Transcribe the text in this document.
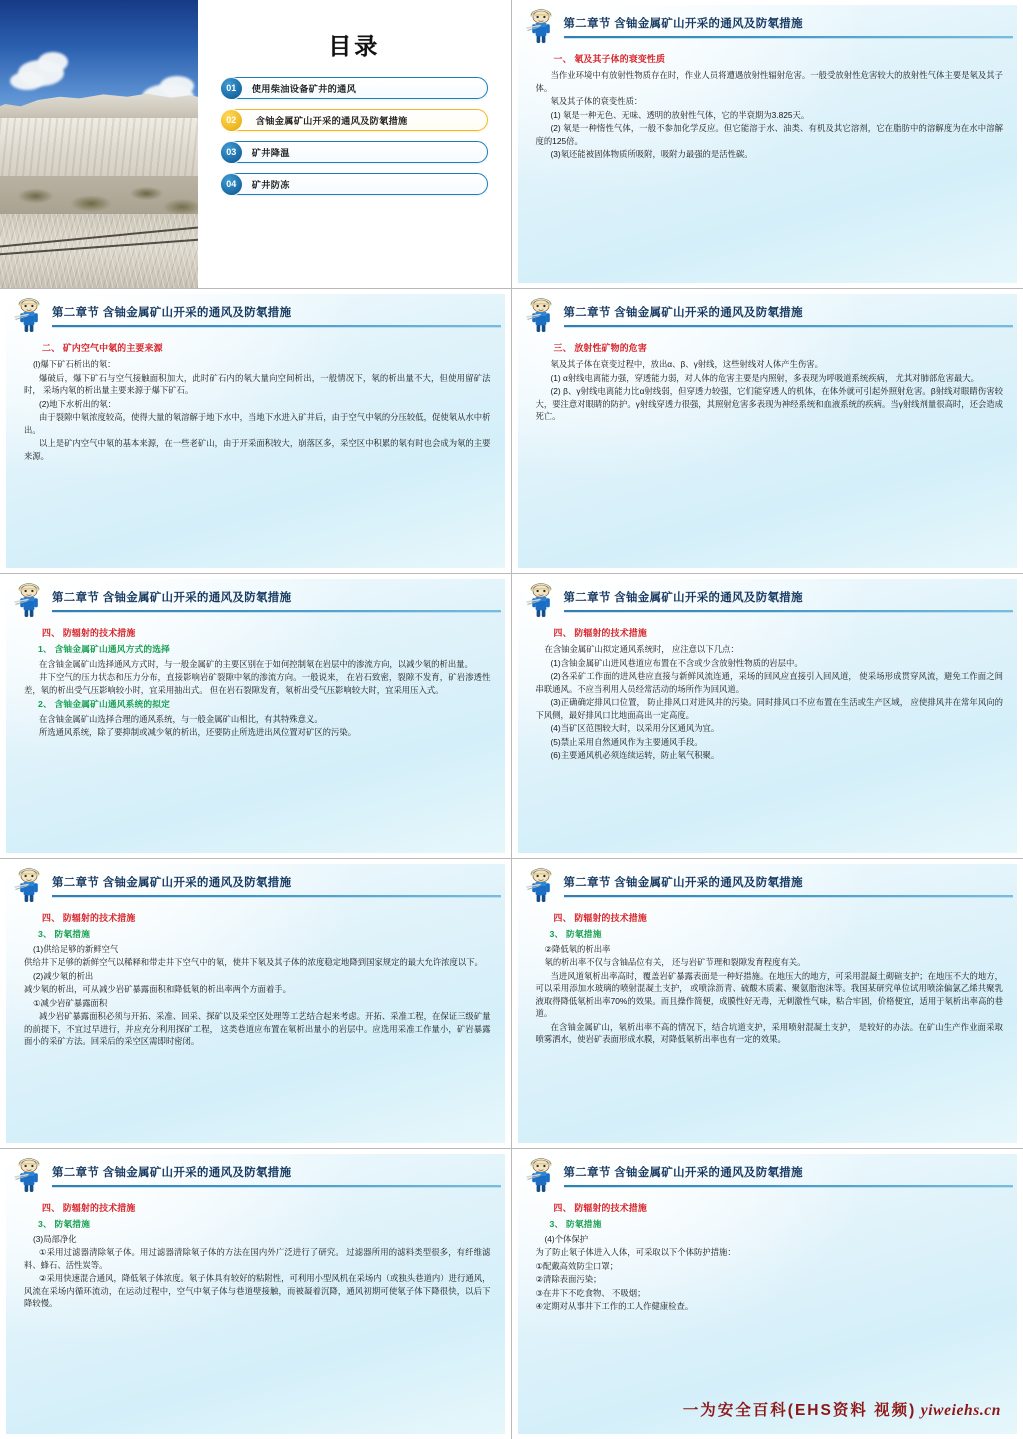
目录
01	使用柴油设备矿井的通风
02	含铀金属矿山开采的通风及防氡措施
03	矿井降温
04	矿井防冻
第二章节 含铀金属矿山开采的通风及防氡措施
一、 氡及其子体的衰变性质

当作业环境中有放射性物质存在时，作业人员将遭遇放射性辐射危害。一般受放射性危害较大的放射性气体主要是氡及其子体。

氡及其子体的衰变性质：

(1) 氡是一种无色、无味、透明的放射性气体，它的半衰期为3.825天。

(2) 氡是一种惰性气体，一般不参加化学反应。但它能溶于水、油类、有机及其它溶剂，它在脂肪中的溶解度为在水中溶解度的125倍。

(3)氡还能被固体物质所吸附，吸附力最强的是活性碳。

第二章节 含铀金属矿山开采的通风及防氡措施
二、 矿内空气中氡的主要来源

(l)爆下矿石析出的氡：

爆破后，爆下矿石与空气接触面积加大，此时矿石内的氡大量向空间析出，一般情况下，氡的析出量不大，但使用留矿法时， 采场内氡的析出量主要来源于爆下矿石。

(2)地下水析出的氡：

由于裂隙中氡浓度较高，使得大量的氡溶解于地下水中，当地下水进入矿井后，由于空气中氡的分压较低，促使氡从水中析出。

以上是矿内空气中氡的基本来源，在一些老矿山，由于开采面积较大，崩落区多，采空区中积累的氡有时也会成为氡的主要来源。

第二章节 含铀金属矿山开采的通风及防氡措施
三、 放射性矿物的危害

氡及其子体在衰变过程中，放出α、β、γ射线，这些射线对人体产生伤害。

(1) α射线电离能力强，穿透能力弱，对人体的危害主要是内照射，多表现为呼吸道系统疾病， 尤其对肺部危害最大。

(2) β、γ射线电离能力比α射线弱，但穿透力较强，它们能穿透人的机体，在体外就可引起外照射危害。β射线对眼睛伤害较大，要注意对眼睛的防护。γ射线穿透力很强，其照射危害多表现为神经系统和血液系统的疾病。当γ射线剂量很高时，还会造成死亡。

第二章节 含铀金属矿山开采的通风及防氡措施
四、 防辐射的技术措施
1、 含铀金属矿山通风方式的选择

在含铀金属矿山选择通风方式时，与一般金属矿的主要区别在于如何控制氡在岩层中的渗流方向，以减少氡的析出量。

井下空气的压力状态和压力分布，直接影响岩矿裂隙中氡的渗流方向。一般说来， 在岩石致密，裂隙不发育，矿岩渗透性差，氡的析出受气压影响较小时，宜采用抽出式。 但在岩石裂隙发育，氡析出受气压影响较大时，宜采用压入式。

2、 含铀金属矿山通风系统的拟定

在含铀金属矿山选择合理的通风系统，与一般金属矿山相比，有其特殊意义。

所选通风系统，除了要抑制或减少氡的析出，还要防止所选进出风位置对矿区的污染。

第二章节 含铀金属矿山开采的通风及防氡措施
四、 防辐射的技术措施

在含铀金属矿山拟定通风系统时， 应注意以下几点：

(1)含铀金属矿山进风巷道应布置在不含或少含放射性物质的岩层中。

(2)各采矿工作面的进风巷应直接与新鲜风流连通，采场的回风应直接引入回风道， 使采场形成贯穿风流，避免工作面之间串联通风。不应当利用人员经常活动的场所作为回风道。

(3)正确确定排风口位置， 防止排风口对进风井的污染。同时排风口不应布置在生活或生产区域， 应使排风井在常年风向的下风侧，最好排风口比地面高出一定高度。

(4)当矿区范围较大时，以采用分区通风为宜。

(5)禁止采用自然通风作为主要通风手段。

(6)主要通风机必须连续运转，防止氡气积聚。

第二章节 含铀金属矿山开采的通风及防氡措施
四、 防辐射的技术措施
3、 防氡措施

(1)供给足够的新鲜空气

供给井下足够的新鲜空气以稀释和带走井下空气中的氡，使井下氡及其子体的浓度稳定地降到国家规定的最大允许浓度以下。

(2)减少氡的析出

减少氡的析出，可从减少岩矿暴露面积和降低氡的析出率两个方面着手。

①减少岩矿暴露面积

减少岩矿暴露面积必须与开拓、采准、回采、探矿以及采空区处理等工艺结合起来考虑。开拓、采准工程，在保证三级矿量的前提下，不宜过早进行，并应充分利用探矿工程， 这类巷道应布置在氡析出量小的岩层中。应选用采准工作量小，矿岩暴露面小的采矿方法。回采后的采空区需即时密闭。

第二章节 含铀金属矿山开采的通风及防氡措施
四、 防辐射的技术措施
3、 防氡措施

②降低氡的析出率

氡的析出率不仅与含铀品位有关， 还与岩矿节理和裂隙发育程度有关。

当进风道氡析出率高时，覆盖岩矿暴露表面是一种好措施。在地压大的地方，可采用混凝土砌碹支护；在地压不大的地方，可以采用添加水玻璃的喷射混凝土支护， 或喷涂沥青、硫酸木质素、聚氨脂泡沫等。我国某研究单位试用喷涂偏氯乙烯共聚乳液取得降低氡析出率70%的效果。而且操作简便，成膜性好无毒，无刺激性气味，粘合牢固，价格便宜，适用于氡析出率高的巷道。

在含铀金属矿山，氡析出率不高的情况下，结合坑道支护，采用喷射混凝土支护， 是较好的办法。在矿山生产作业面采取喷雾洒水，使岩矿表面形成水膜，对降低氡析出率也有一定的效果。

第二章节 含铀金属矿山开采的通风及防氡措施
四、 防辐射的技术措施
3、 防氡措施

(3)局部净化

①采用过滤器清除氡子体。用过滤器清除氡子体的方法在国内外广泛进行了研究。 过滤器所用的滤料类型很多，有纤维滤料、蜂石、活性炭等。

②采用快速混合通风，降低氡子体浓度。氡子体具有较好的粘附性，可利用小型风机在采场内（或独头巷道内）进行通风，风流在采场内循环流动，在运动过程中，空气中氡子体与巷道壁接触，而被凝着沉降，通风初期可使氡子体下降很快，以后下降较慢。

第二章节 含铀金属矿山开采的通风及防氡措施
四、 防辐射的技术措施
3、 防氡措施

(4)个体保护

为了防止氡子体进入人体，可采取以下个体防护措施：

①配戴高效防尘口罩；

②清除表面污染；

③在井下不吃食物、 不吸烟；

④定期对从事井下工作的工人作健康检查。

一为安全百科(EHS资料 视频) yiweiehs.cn
